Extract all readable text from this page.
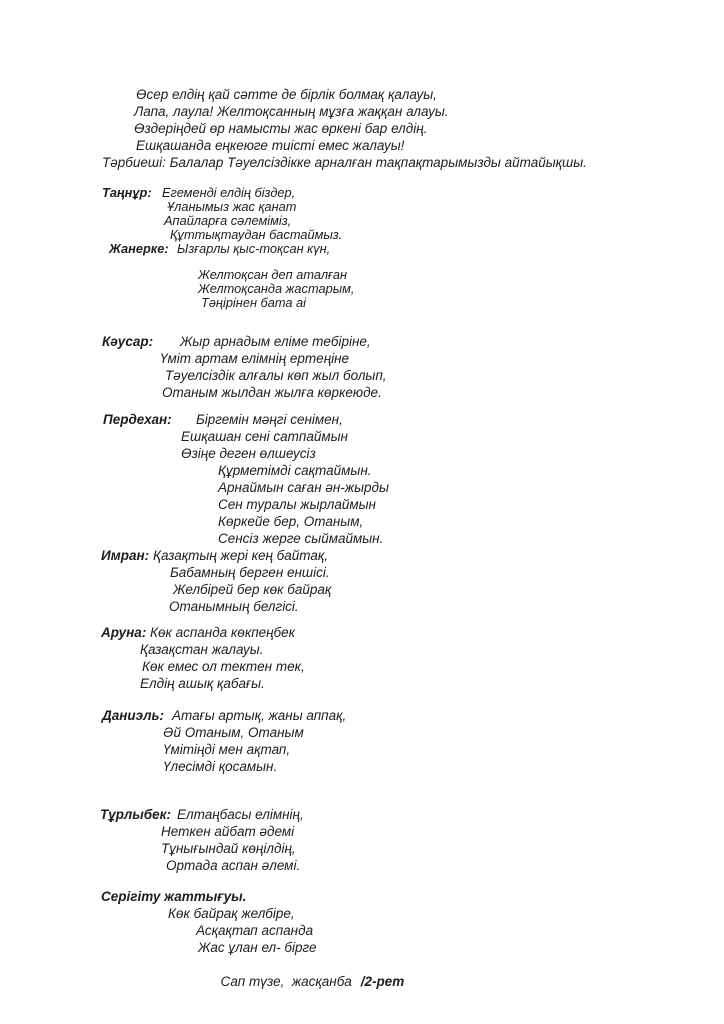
Өсер елдің қай сәтте де бірлік болмақ қалауы,
Лапа, лаула! Желтоқсанның мұзға жаққан алауы.
Өздеріңдей өр намысты жас өркені бар елдің.
Ешқашанда еңкеюге тиісті емес жалауы!
Тәрбиеші: Балалар Тәуелсіздікке арналған тақпақтарымызды айтайықшы.

Таңнұр:

Егеменді елдің біздер,

Ұланымыз жас қанат
Апайларға сәлеміміз,
Құттықтаудан бастаймыз.

Жанерке:

Ызғарлы қыс-тоқсан күн,

Желтоқсан деп аталған
Желтоқсанда жастарым,
Тәңірінен бата аі

Кәусар:

Жыр арнадым еліме тебіріне,

Үміт артам елімнің ертеңіне
Тәуелсіздік алғалы көп жыл болып,
Отаным жылдан жылға көркеюде.

Пердехан:

Біргемін мәңгі сенімен,

Ешқашан сені сатпаймын
Өзіңе деген өлшеусіз
Құрметімді сақтаймын.
Арнаймын саған ән-жырды
Сен туралы жырлаймын
Көркейе бер, Отаным,
Сенсіз жерге сыймаймын.

Имран:

Қазақтың жері кең байтақ,

Бабамның берген еншісі.
Желбірей бер көк байрақ
Отанымның белгісі.

Аруна:

Көк аспанда көкпеңбек

Қазақстан жалауы.
Көк емес ол тектен тек,
Елдің ашық қабағы.

Даниэль:

Атағы артық, жаны аппақ,

Әй Отаным, Отаным
Үмітіңді мен ақтап,
Үлесімді қосамын.

Тұрлыбек:

Елтаңбасы елімнің,

Неткен айбат әдемі
Тұнығындай көңілдің,
Ортада аспан әлемі.
Серігіту жаттығуы.
Көк байрақ желбіре,
Асқақтап аспанда
Жас ұлан ел- бірге

Сап түзе,  жасқанба /2-рет
